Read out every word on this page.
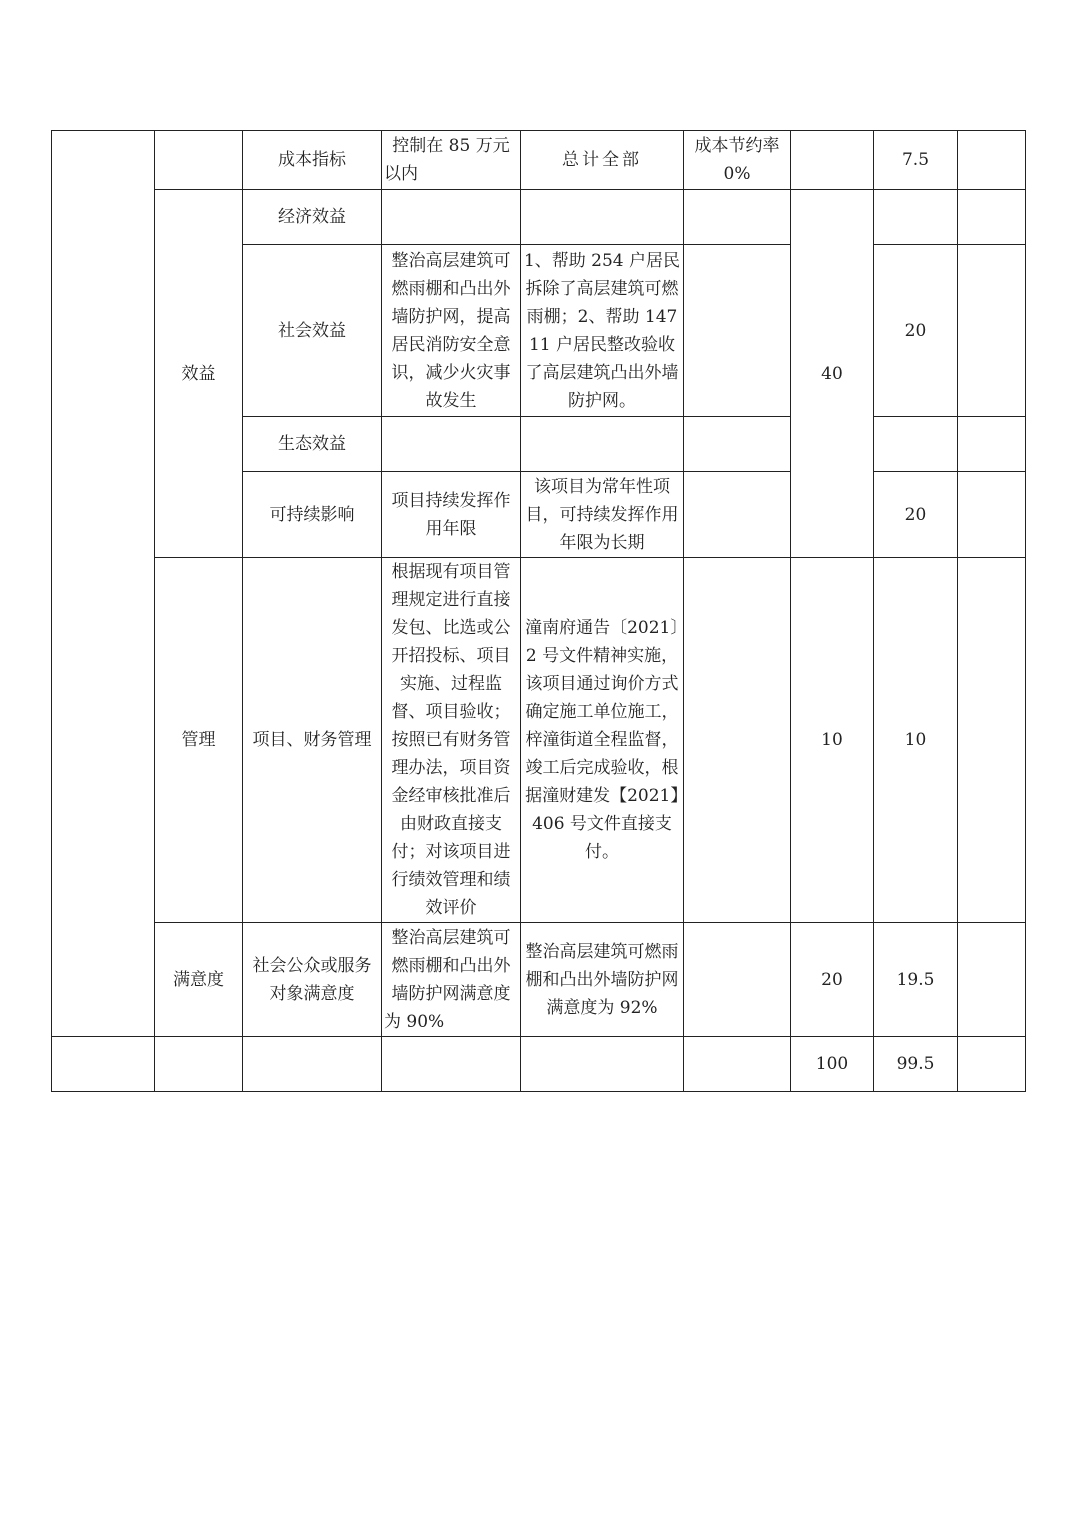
		成本指标	控制在 85 万元以内	总计全部	成本节约率 0%		7.5	
	效益	经济效益				40		
		社会效益	整治高层建筑可燃雨棚和凸出外墙防护网，提高居民消防安全意识，减少火灾事故发生	1、帮助 254 户居民拆除了高层建筑可燃雨棚；2、帮助 14711 户居民整改验收了高层建筑凸出外墙防护网。			20	
		生态效益						
		可持续影响	项目持续发挥作用年限	该项目为常年性项目，可持续发挥作用年限为长期			20	
	管理	项目、财务管理	根据现有项目管理规定进行直接发包、比选或公开招投标、项目实施、过程监督、项目验收；按照已有财务管理办法，项目资金经审核批准后由财政直接支付；对该项目进行绩效管理和绩效评价	潼南府通告〔2021〕2 号文件精神实施，该项目通过询价方式确定施工单位施工，梓潼街道全程监督，竣工后完成验收，根据潼财建发【2021】406 号文件直接支付。		10	10	
	满意度	社会公众或服务对象满意度	整治高层建筑可燃雨棚和凸出外墙防护网满意度为 90%	整治高层建筑可燃雨棚和凸出外墙防护网满意度为 92%		20	19.5	
						100	99.5	
